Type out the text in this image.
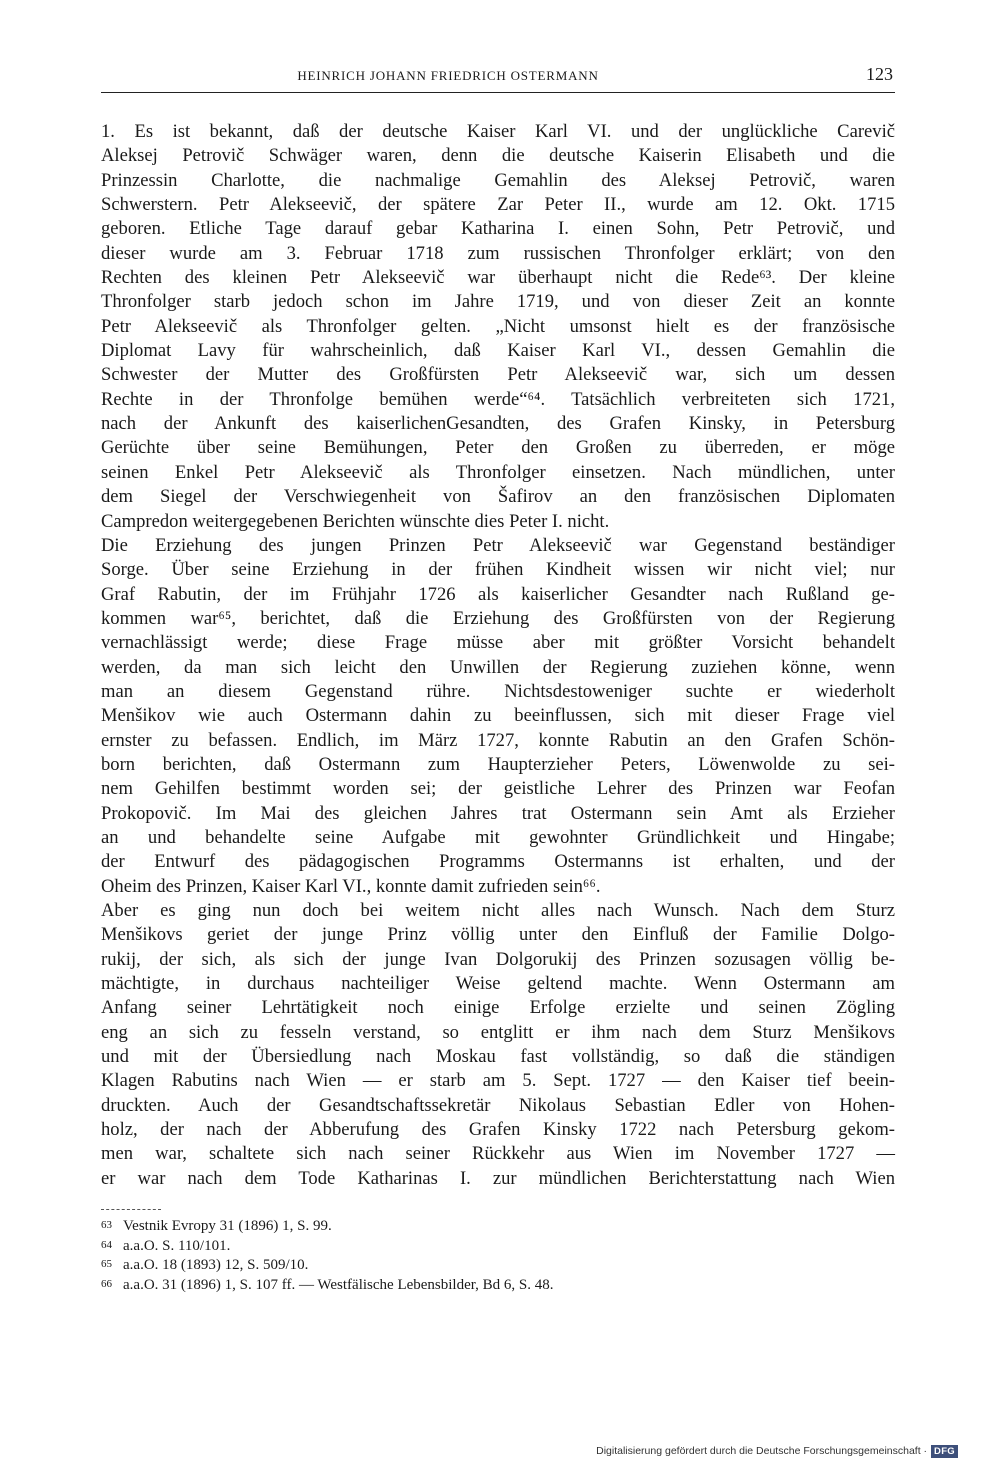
HEINRICH JOHANN FRIEDRICH OSTERMANN	123

1. Es ist bekannt, daß der deutsche Kaiser Karl VI. und der unglückliche Carevič

Aleksej Petrovič Schwäger waren, denn die deutsche Kaiserin Elisabeth und die

Prinzessin Charlotte, die nachmalige Gemahlin des Aleksej Petrovič, waren

Schwerstern. Petr Alekseevič, der spätere Zar Peter II., wurde am 12. Okt. 1715

geboren. Etliche Tage darauf gebar Katharina I. einen Sohn, Petr Petrovič, und

dieser wurde am 3. Februar 1718 zum russischen Thronfolger erklärt; von den

Rechten des kleinen Petr Alekseevič war überhaupt nicht die Rede⁶³. Der kleine

Thronfolger starb jedoch schon im Jahre 1719, und von dieser Zeit an konnte

Petr Alekseevič als Thronfolger gelten. „Nicht umsonst hielt es der französische

Diplomat Lavy für wahrscheinlich, daß Kaiser Karl VI., dessen Gemahlin die

Schwester der Mutter des Großfürsten Petr Alekseevič war, sich um dessen

Rechte in der Thronfolge bemühen werde“⁶⁴. Tatsächlich verbreiteten sich 1721,

nach der Ankunft des kaiserlichenGesandten, des Grafen Kinsky, in Petersburg

Gerüchte über seine Bemühungen, Peter den Großen zu überreden, er möge

seinen Enkel Petr Alekseevič als Thronfolger einsetzen. Nach mündlichen, unter

dem Siegel der Verschwiegenheit von Šafirov an den französischen Diplomaten

Campredon weitergegebenen Berichten wünschte dies Peter I. nicht.

Die Erziehung des jungen Prinzen Petr Alekseevič war Gegenstand beständiger

Sorge. Über seine Erziehung in der frühen Kindheit wissen wir nicht viel; nur

Graf Rabutin, der im Frühjahr 1726 als kaiserlicher Gesandter nach Rußland ge-

kommen war⁶⁵, berichtet, daß die Erziehung des Großfürsten von der Regierung

vernachlässigt werde; diese Frage müsse aber mit größter Vorsicht behandelt

werden, da man sich leicht den Unwillen der Regierung zuziehen könne, wenn

man an diesem Gegenstand rühre. Nichtsdestoweniger suchte er wiederholt

Menšikov wie auch Ostermann dahin zu beeinflussen, sich mit dieser Frage viel

ernster zu befassen. Endlich, im März 1727, konnte Rabutin an den Grafen Schön-

born berichten, daß Ostermann zum Haupterzieher Peters, Löwenwolde zu sei-

nem Gehilfen bestimmt worden sei; der geistliche Lehrer des Prinzen war Feofan

Prokopovič. Im Mai des gleichen Jahres trat Ostermann sein Amt als Erzieher

an und behandelte seine Aufgabe mit gewohnter Gründlichkeit und Hingabe;

der Entwurf des pädagogischen Programms Ostermanns ist erhalten, und der

Oheim des Prinzen, Kaiser Karl VI., konnte damit zufrieden sein⁶⁶.

Aber es ging nun doch bei weitem nicht alles nach Wunsch. Nach dem Sturz

Menšikovs geriet der junge Prinz völlig unter den Einfluß der Familie Dolgo-

rukij, der sich, als sich der junge Ivan Dolgorukij des Prinzen sozusagen völlig be-

mächtigte, in durchaus nachteiliger Weise geltend machte. Wenn Ostermann am

Anfang seiner Lehrtätigkeit noch einige Erfolge erzielte und seinen Zögling

eng an sich zu fesseln verstand, so entglitt er ihm nach dem Sturz Menšikovs

und mit der Übersiedlung nach Moskau fast vollständig, so daß die ständigen

Klagen Rabutins nach Wien — er starb am 5. Sept. 1727 — den Kaiser tief beein-

druckten. Auch der Gesandtschaftssekretär Nikolaus Sebastian Edler von Hohen-

holz, der nach der Abberufung des Grafen Kinsky 1722 nach Petersburg gekom-

men war, schaltete sich nach seiner Rückkehr aus Wien im November 1727 —

er war nach dem Tode Katharinas I. zur mündlichen Berichterstattung nach Wien

63 Vestnik Evropy 31 (1896) 1, S. 99.
64 a.a.O. S. 110/101.
65 a.a.O. 18 (1893) 12, S. 509/10.
66 a.a.O. 31 (1896) 1, S. 107 ff. — Westfälische Lebensbilder, Bd 6, S. 48.
Digitalisierung gefördert durch die Deutsche Forschungsgemeinschaft · DFG
